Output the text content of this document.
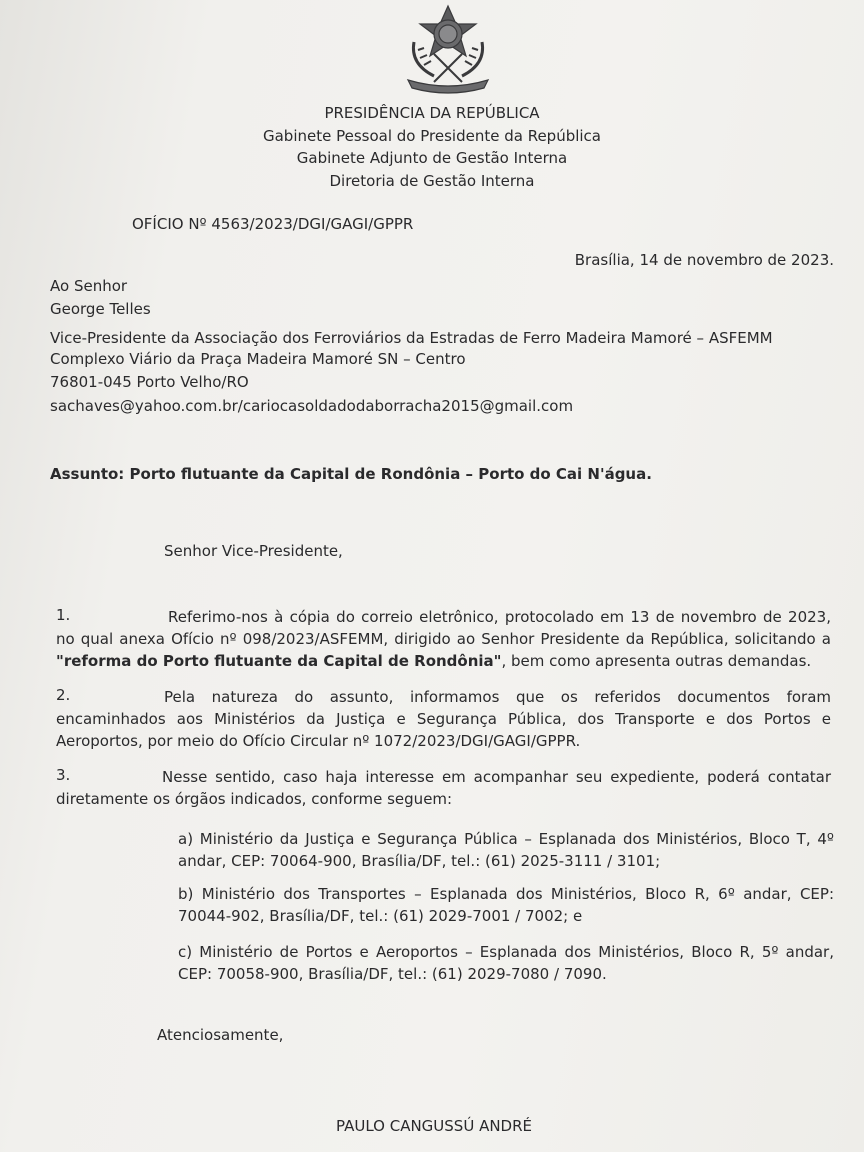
PRESIDÊNCIA DA REPÚBLICA
Gabinete Pessoal do Presidente da República
Gabinete Adjunto de Gestão Interna
Diretoria de Gestão Interna
OFÍCIO Nº 4563/2023/DGI/GAGI/GPPR
Brasília, 14 de novembro de 2023.
Ao Senhor
George Telles
Vice-Presidente da Associação dos Ferroviários da Estradas de Ferro Madeira Mamoré – ASFEMM
Complexo Viário da Praça Madeira Mamoré SN – Centro
76801-045 Porto Velho/RO
sachaves@yahoo.com.br/cariocasoldadodaborracha2015@gmail.com
Assunto: Porto flutuante da Capital de Rondônia – Porto do Cai N'água.
Senhor Vice-Presidente,
1.	Referimo-nos à cópia do correio eletrônico, protocolado em 13 de novembro de 2023, no qual anexa Ofício nº 098/2023/ASFEMM, dirigido ao Senhor Presidente da República, solicitando a "reforma do Porto flutuante da Capital de Rondônia", bem como apresenta outras demandas.
2.	Pela natureza do assunto, informamos que os referidos documentos foram encaminhados aos Ministérios da Justiça e Segurança Pública, dos Transporte e dos Portos e Aeroportos, por meio do Ofício Circular nº 1072/2023/DGI/GAGI/GPPR.
3.	Nesse sentido, caso haja interesse em acompanhar seu expediente, poderá contatar diretamente os órgãos indicados, conforme seguem:
a) Ministério da Justiça e Segurança Pública – Esplanada dos Ministérios, Bloco T, 4º andar, CEP: 70064-900, Brasília/DF, tel.: (61) 2025-3111 / 3101;
b) Ministério dos Transportes – Esplanada dos Ministérios, Bloco R, 6º andar, CEP: 70044-902, Brasília/DF, tel.: (61) 2029-7001 / 7002; e
c) Ministério de Portos e Aeroportos – Esplanada dos Ministérios, Bloco R, 5º andar, CEP: 70058-900, Brasília/DF, tel.: (61) 2029-7080 / 7090.
Atenciosamente,
PAULO CANGUSSÚ ANDRÉ
